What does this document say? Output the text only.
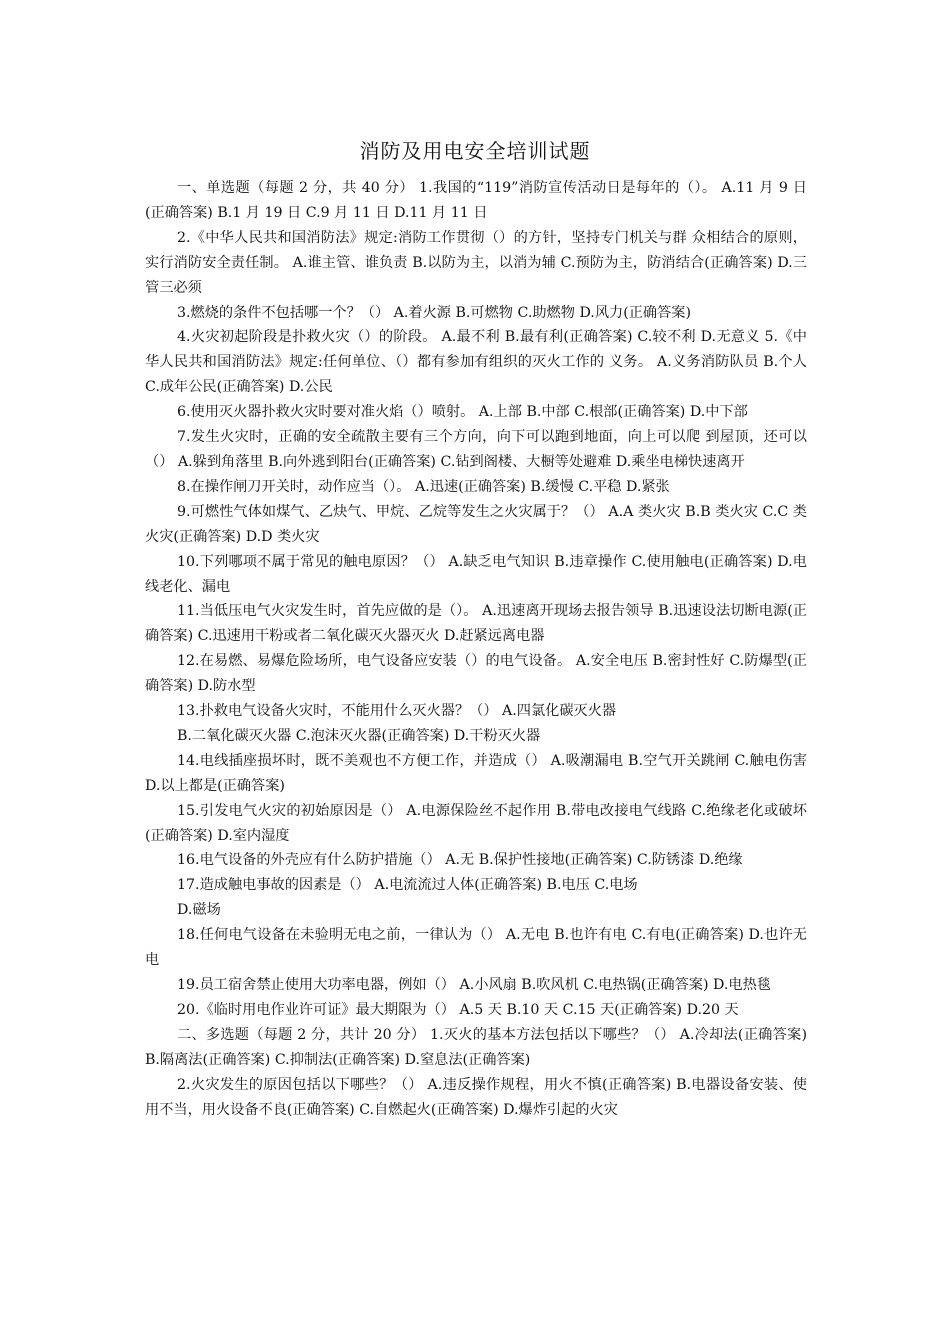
消防及用电安全培训试题

一、单选题（每题 2 分，共 40 分） 1.我国的“119”消防宣传活动日是每年的（）。 A.11 月 9 日(正确答案) B.1 月 19 日 C.9 月 11 日 D.11 月 11 日

2.《中华人民共和国消防法》规定:消防工作贯彻（）的方针，坚持专门机关与群 众相结合的原则，实行消防安全责任制。 A.谁主管、谁负责 B.以防为主，以消为辅 C.预防为主，防消结合(正确答案) D.三管三必须

3.燃烧的条件不包括哪一个？（） A.着火源 B.可燃物 C.助燃物 D.风力(正确答案)

4.火灾初起阶段是扑救火灾（）的阶段。 A.最不利 B.最有利(正确答案) C.较不利 D.无意义 5.《中华人民共和国消防法》规定:任何单位、（）都有参加有组织的灭火工作的 义务。 A.义务消防队员 B.个人 C.成年公民(正确答案) D.公民

6.使用灭火器扑救火灾时要对准火焰（）喷射。 A.上部 B.中部 C.根部(正确答案) D.中下部

7.发生火灾时，正确的安全疏散主要有三个方向，向下可以跑到地面，向上可以爬 到屋顶，还可以（） A.躲到角落里 B.向外逃到阳台(正确答案) C.钻到阁楼、大橱等处避难 D.乘坐电梯快速离开

8.在操作闸刀开关时，动作应当（）。 A.迅速(正确答案) B.缓慢 C.平稳 D.紧张

9.可燃性气体如煤气、乙炔气、甲烷、乙烷等发生之火灾属于？（） A.A 类火灾 B.B 类火灾 C.C 类火灾(正确答案) D.D 类火灾

10.下列哪项不属于常见的触电原因？（） A.缺乏电气知识 B.违章操作 C.使用触电(正确答案) D.电线老化、漏电

11.当低压电气火灾发生时，首先应做的是（）。 A.迅速离开现场去报告领导 B.迅速设法切断电源(正确答案) C.迅速用干粉或者二氧化碳灭火器灭火 D.赶紧远离电器

12.在易燃、易爆危险场所，电气设备应安装（）的电气设备。 A.安全电压 B.密封性好 C.防爆型(正确答案) D.防水型

13.扑救电气设备火灾时，不能用什么灭火器？（） A.四氯化碳灭火器

B.二氧化碳灭火器 C.泡沫灭火器(正确答案) D.干粉灭火器

14.电线插座损坏时，既不美观也不方便工作，并造成（） A.吸潮漏电 B.空气开关跳闸 C.触电伤害 D.以上都是(正确答案)

15.引发电气火灾的初始原因是（） A.电源保险丝不起作用 B.带电改接电气线路 C.绝缘老化或破坏(正确答案) D.室内湿度

16.电气设备的外壳应有什么防护措施（） A.无 B.保护性接地(正确答案) C.防锈漆 D.绝缘

17.造成触电事故的因素是（） A.电流流过人体(正确答案) B.电压 C.电场

D.磁场

18.任何电气设备在未验明无电之前，一律认为（） A.无电 B.也许有电 C.有电(正确答案) D.也许无电

19.员工宿舍禁止使用大功率电器，例如（） A.小风扇 B.吹风机 C.电热锅(正确答案) D.电热毯

20.《临时用电作业许可证》最大期限为（） A.5 天 B.10 天 C.15 天(正确答案) D.20 天

二、多选题（每题 2 分，共计 20 分） 1.灭火的基本方法包括以下哪些？（） A.冷却法(正确答案) B.隔离法(正确答案) C.抑制法(正确答案) D.窒息法(正确答案)

2.火灾发生的原因包括以下哪些？（） A.违反操作规程，用火不慎(正确答案) B.电器设备安装、使用不当，用火设备不良(正确答案) C.自燃起火(正确答案) D.爆炸引起的火灾
